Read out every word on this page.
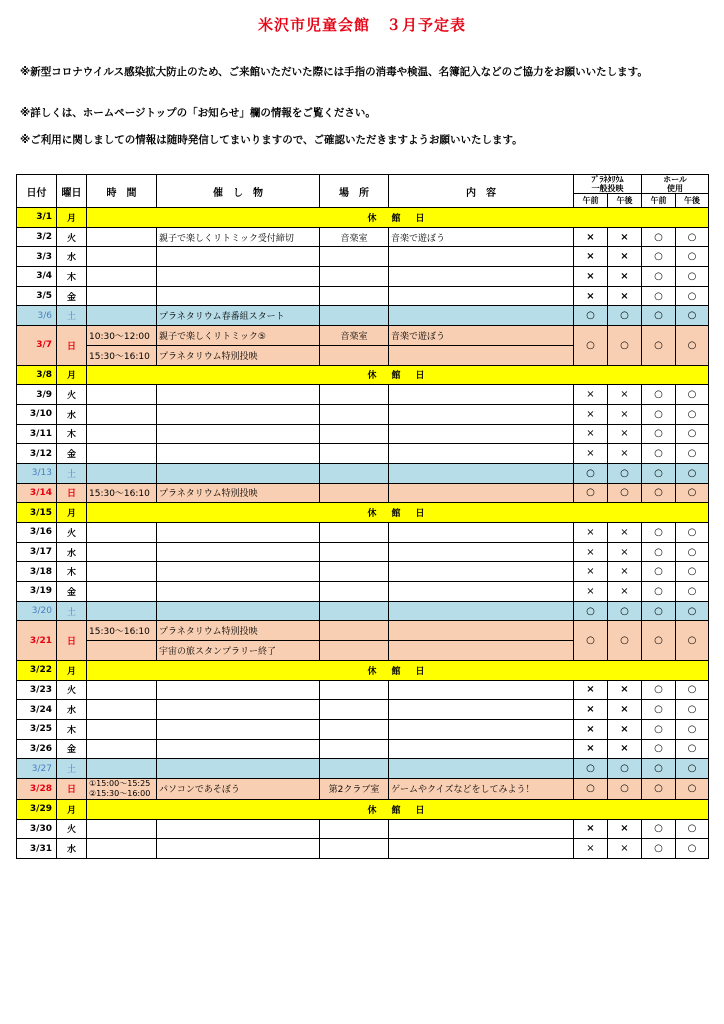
米沢市児童会館　３月予定表
※新型コロナウイルス感染拡大防止のため、ご来館いただいた際には手指の消毒や検温、名簿記入などのご協力をお願いいたします。
※詳しくは、ホームページトップの「お知らせ」欄の情報をご覧ください。
※ご利用に関しましての情報は随時発信してまいりますので、ご確認いただきますようお願いいたします。
日付	曜日	時　間	催　し　物	場　所	内　容	ﾌﾟﾗﾈﾀﾘｳﾑ
一般投映		ホール
使用	
						午前	午後	午前	午後
3/1	月	休　館　日							
3/2	火		親子で楽しくリトミック受付締切	音楽室	音楽で遊ぼう	×	×	○	○
3/3	水					×	×	○	○
3/4	木					×	×	○	○
3/5	金					×	×	○	○
3/6	土		プラネタリウム春番組スタート			○	○	○	○
3/7	日	10:30～12:00	親子で楽しくリトミック⑤	音楽室	音楽で遊ぼう	○	○	○	○
		15:30～16:10	プラネタリウム特別投映						
3/8	月	休　館　日							
3/9	火					×	×	○	○
3/10	水					×	×	○	○
3/11	木					×	×	○	○
3/12	金					×	×	○	○
3/13	土					○	○	○	○
3/14	日	15:30～16:10	プラネタリウム特別投映			○	○	○	○
3/15	月	休　館　日							
3/16	火					×	×	○	○
3/17	水					×	×	○	○
3/18	木					×	×	○	○
3/19	金					×	×	○	○
3/20	土					○	○	○	○
3/21	日	15:30～16:10	プラネタリウム特別投映			○	○	○	○
			宇宙の旅スタンプラリー終了						
3/22	月	休　館　日							
3/23	火					×	×	○	○
3/24	水					×	×	○	○
3/25	木					×	×	○	○
3/26	金					×	×	○	○
3/27	土					○	○	○	○
3/28	日	①15:00～15:25
②15:30～16:00	パソコンであそぼう	第2クラブ室	ゲームやクイズなどをしてみよう！	○	○	○	○
3/29	月	休　館　日							
3/30	火					×	×	○	○
3/31	水					×	×	○	○
